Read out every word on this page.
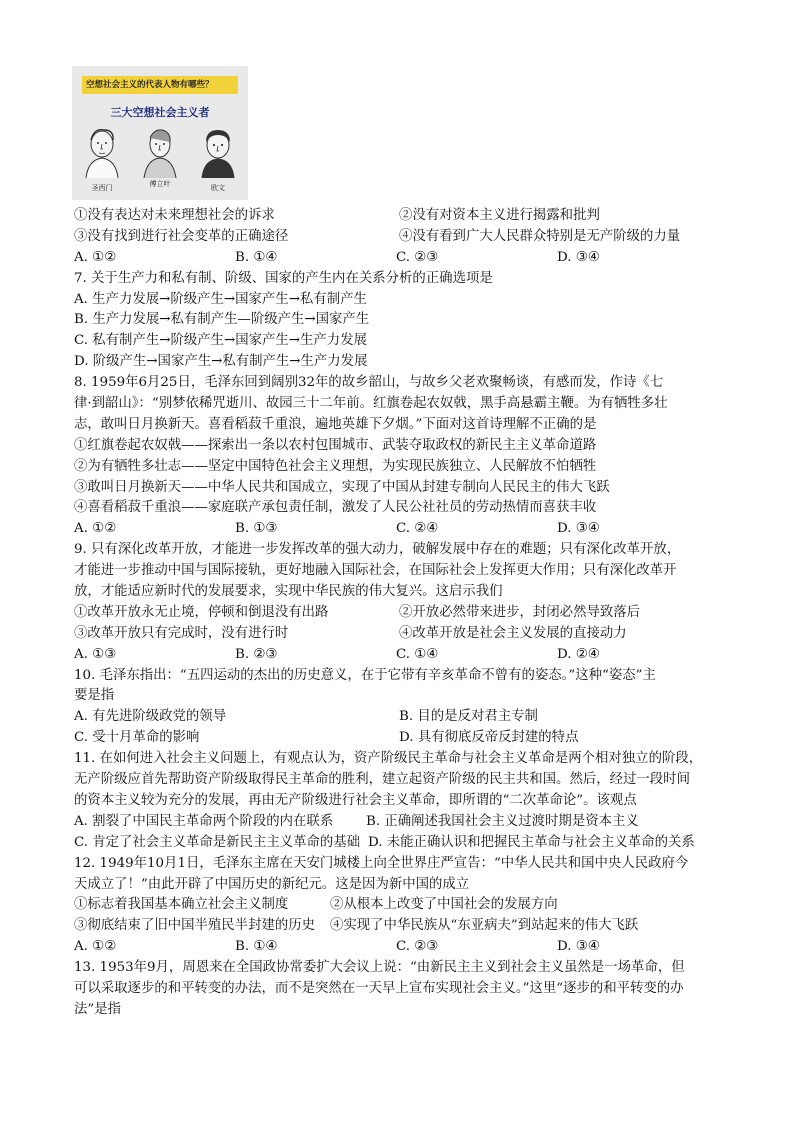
空想社会主义的代表人物有哪些？
三大空想社会主义者
圣西门	傅立叶	欧文
①没有表达对未来理想社会的诉求	②没有对资本主义进行揭露和批判
③没有找到进行社会变革的正确途径	④没有看到广大人民群众特别是无产阶级的力量
A. ①②	B. ①④	C. ②③	D. ③④
7. 关于生产力和私有制、阶级、国家的产生内在关系分析的正确选项是
A. 生产力发展→阶级产生→国家产生→私有制产生
B. 生产力发展→私有制产生—阶级产生→国家产生
C. 私有制产生→阶级产生→国家产生→生产力发展
D. 阶级产生→国家产生→私有制产生→生产力发展
8. 1959年6月25日，毛泽东回到阔别32年的故乡韶山，与故乡父老欢聚畅谈，有感而发，作诗《七
律·到韶山》：“别梦依稀咒逝川、故园三十二年前。红旗卷起农奴戟，黑手高悬霸主鞭。为有牺牲多壮
志，敢叫日月换新天。喜看稻菽千重浪，遍地英雄下夕烟。”下面对这首诗理解不正确的是
①红旗卷起农奴戟——探索出一条以农村包围城市、武装夺取政权的新民主主义革命道路
②为有牺牲多壮志——坚定中国特色社会主义理想，为实现民族独立、人民解放不怕牺牲
③敢叫日月换新天——中华人民共和国成立，实现了中国从封建专制向人民民主的伟大飞跃
④喜看稻菽千重浪——家庭联产承包责任制，激发了人民公社社员的劳动热情而喜获丰收
A. ①②	B. ①③	C. ②④	D. ③④
9. 只有深化改革开放，才能进一步发挥改革的强大动力，破解发展中存在的难题；只有深化改革开放，
才能进一步推动中国与国际接轨，更好地融入国际社会，在国际社会上发挥更大作用；只有深化改革开
放，才能适应新时代的发展要求，实现中华民族的伟大复兴。这启示我们
①改革开放永无止境，停顿和倒退没有出路	②开放必然带来进步，封闭必然导致落后
③改革开放只有完成时，没有进行时	④改革开放是社会主义发展的直接动力
A. ①③	B. ②③	C. ①④	D. ②④
10. 毛泽东指出：“五四运动的杰出的历史意义，在于它带有辛亥革命不曾有的姿态。”这种“姿态”主
要是指
A. 有先进阶级政党的领导	B. 目的是反对君主专制
C. 受十月革命的影响	D. 具有彻底反帝反封建的特点
11. 在如何进入社会主义问题上，有观点认为，资产阶级民主革命与社会主义革命是两个相对独立的阶段，
无产阶级应首先帮助资产阶级取得民主革命的胜利，建立起资产阶级的民主共和国。然后，经过一段时间
的资本主义较为充分的发展，再由无产阶级进行社会主义革命，即所谓的“二次革命论”。该观点
A. 割裂了中国民主革命两个阶段的内在联系	B. 正确阐述我国社会主义过渡时期是资本主义
C. 肯定了社会主义革命是新民主主义革命的基础 D. 未能正确认识和把握民主革命与社会主义革命的关系
12. 1949年10月1日，毛泽东主席在天安门城楼上向全世界庄严宣告：“中华人民共和国中央人民政府今
天成立了！”由此开辟了中国历史的新纪元。这是因为新中国的成立
①标志着我国基本确立社会主义制度	②从根本上改变了中国社会的发展方向
③彻底结束了旧中国半殖民半封建的历史	④实现了中华民族从“东亚病夫”到站起来的伟大飞跃
A. ①②	B. ①④	C. ②③	D. ③④
13. 1953年9月，周恩来在全国政协常委扩大会议上说：“由新民主主义到社会主义虽然是一场革命，但
可以采取逐步的和平转变的办法，而不是突然在一天早上宣布实现社会主义。”这里“逐步的和平转变的办
法”是指
